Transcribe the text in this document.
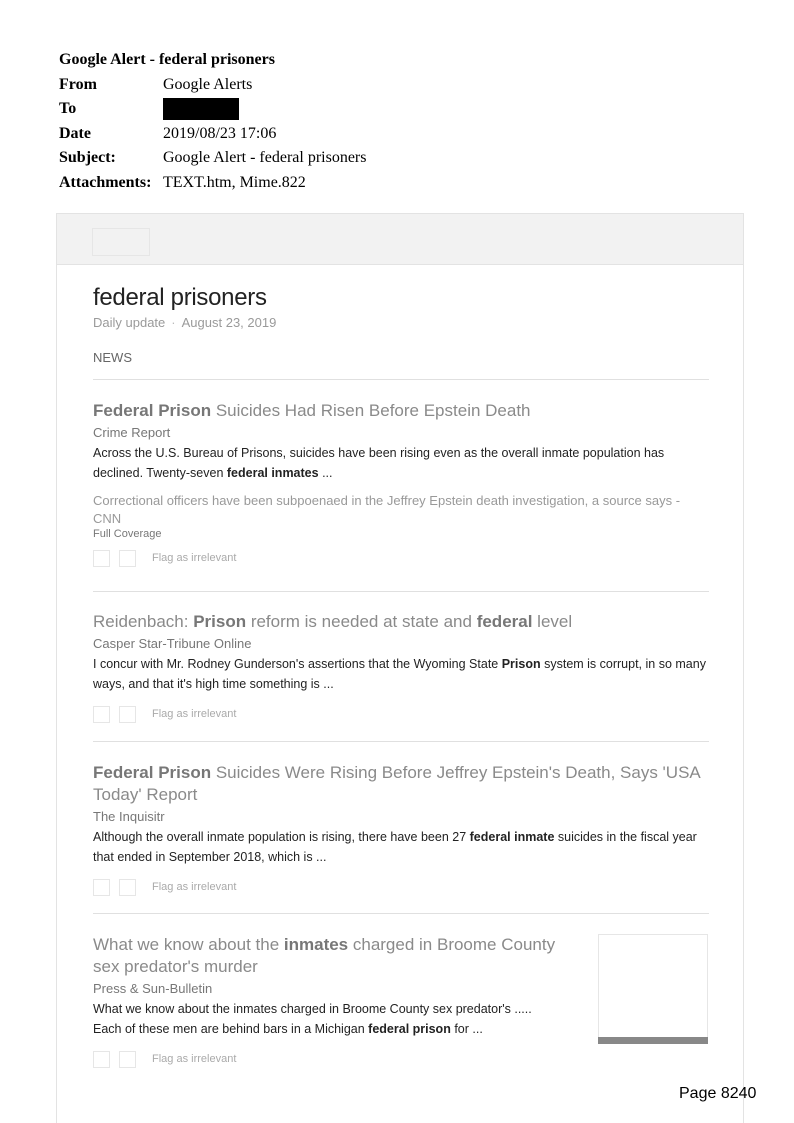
Google Alert - federal prisoners
From	Google Alerts
To
Date	2019/08/23 17:06
Subject:	Google Alert - federal prisoners
Attachments: TEXT.htm, Mime.822
federal prisoners
Daily update · August 23, 2019
NEWS
Federal Prison Suicides Had Risen Before Epstein Death
Crime Report
Across the U.S. Bureau of Prisons, suicides have been rising even as the overall inmate population has declined. Twenty-seven federal inmates ...
Correctional officers have been subpoenaed in the Jeffrey Epstein death investigation, a source says - CNN
Full Coverage
Flag as irrelevant
Reidenbach: Prison reform is needed at state and federal level
Casper Star-Tribune Online
I concur with Mr. Rodney Gunderson's assertions that the Wyoming State Prison system is corrupt, in so many ways, and that it's high time something is ...
Flag as irrelevant
Federal Prison Suicides Were Rising Before Jeffrey Epstein's Death, Says 'USA Today' Report
The Inquisitr
Although the overall inmate population is rising, there have been 27 federal inmate suicides in the fiscal year that ended in September 2018, which is ...
Flag as irrelevant
What we know about the inmates charged in Broome County sex predator's murder
Press & Sun-Bulletin
What we know about the inmates charged in Broome County sex predator's ..... Each of these men are behind bars in a Michigan federal prison for ...
Flag as irrelevant
Page 8240
